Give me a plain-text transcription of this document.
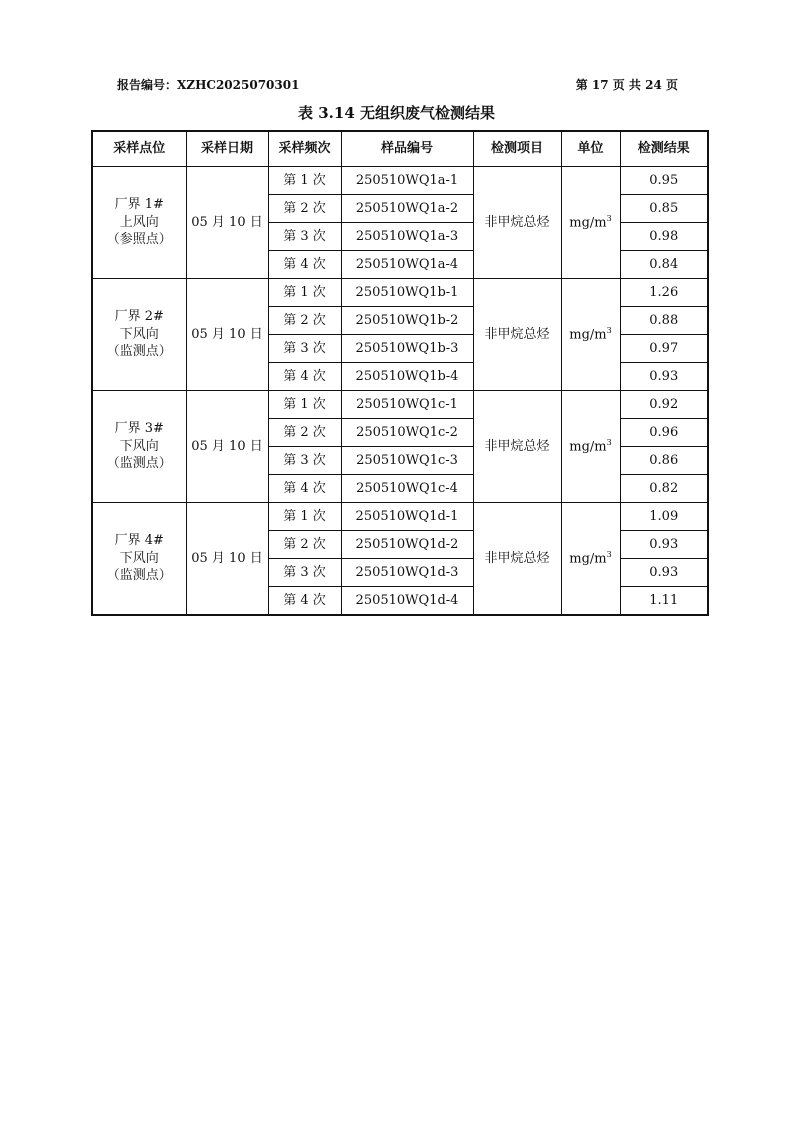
报告编号：XZHC2025070301	第 17 页 共 24 页
表 3.14 无组织废气检测结果
采样点位	采样日期	采样频次	样品编号	检测项目	单位	检测结果

厂界 1#
上风向
（参照点）	05 月 10 日	第 1 次	250510WQ1a-1	非甲烷总烃	$mg/m^3$	0.95
		第 2 次	250510WQ1a-2			0.85
		第 3 次	250510WQ1a-3			0.98
		第 4 次	250510WQ1a-4			0.84

厂界 2#
下风向
（监测点）	05 月 10 日	第 1 次	250510WQ1b-1	非甲烷总烃	$mg/m^3$	1.26
		第 2 次	250510WQ1b-2			0.88
		第 3 次	250510WQ1b-3			0.97
		第 4 次	250510WQ1b-4			0.93

厂界 3#
下风向
（监测点）	05 月 10 日	第 1 次	250510WQ1c-1	非甲烷总烃	$mg/m^3$	0.92
		第 2 次	250510WQ1c-2			0.96
		第 3 次	250510WQ1c-3			0.86
		第 4 次	250510WQ1c-4			0.82

厂界 4#
下风向
（监测点）	05 月 10 日	第 1 次	250510WQ1d-1	非甲烷总烃	$mg/m^3$	1.09
		第 2 次	250510WQ1d-2			0.93
		第 3 次	250510WQ1d-3			0.93
		第 4 次	250510WQ1d-4			1.11
